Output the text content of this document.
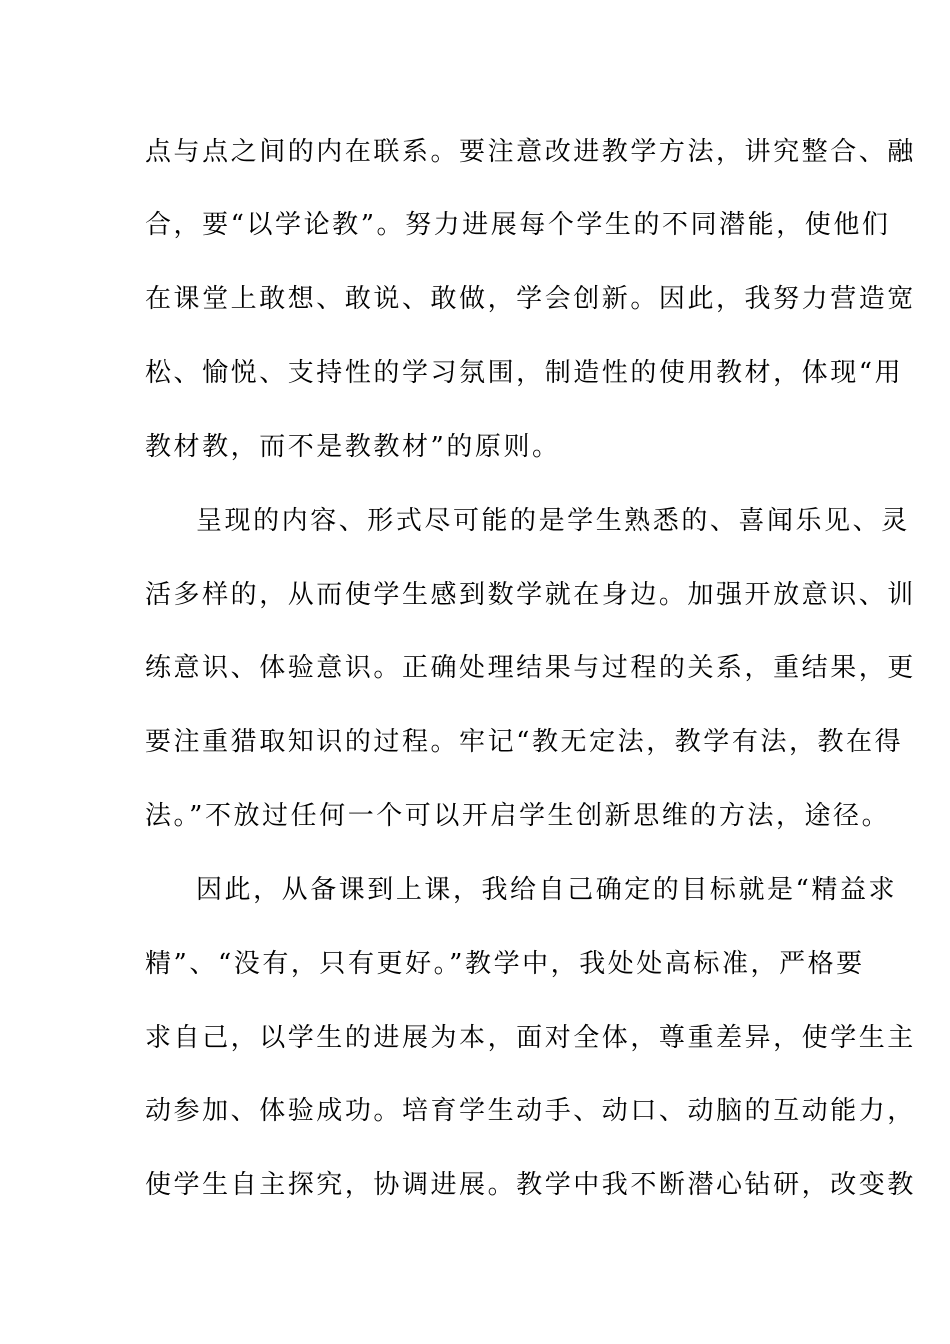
点与点之间的内在联系。要注意改进教学方法，讲究整合、融
合，要“以学论教”。努力进展每个学生的不同潜能，使他们
在课堂上敢想、敢说、敢做，学会创新。因此，我努力营造宽
松、愉悦、支持性的学习氛围，制造性的使用教材，体现“用
教材教，而不是教教材”的原则。
呈现的内容、形式尽可能的是学生熟悉的、喜闻乐见、灵
活多样的，从而使学生感到数学就在身边。加强开放意识、训
练意识、体验意识。正确处理结果与过程的关系，重结果，更
要注重猎取知识的过程。牢记“教无定法，教学有法，教在得
法。”不放过任何一个可以开启学生创新思维的方法，途径。
因此，从备课到上课，我给自己确定的目标就是“精益求
精”、“没有，只有更好。”教学中，我处处高标准，严格要
求自己，以学生的进展为本，面对全体，尊重差异，使学生主
动参加、体验成功。培育学生动手、动口、动脑的互动能力，
使学生自主探究，协调进展。教学中我不断潜心钻研，改变教
